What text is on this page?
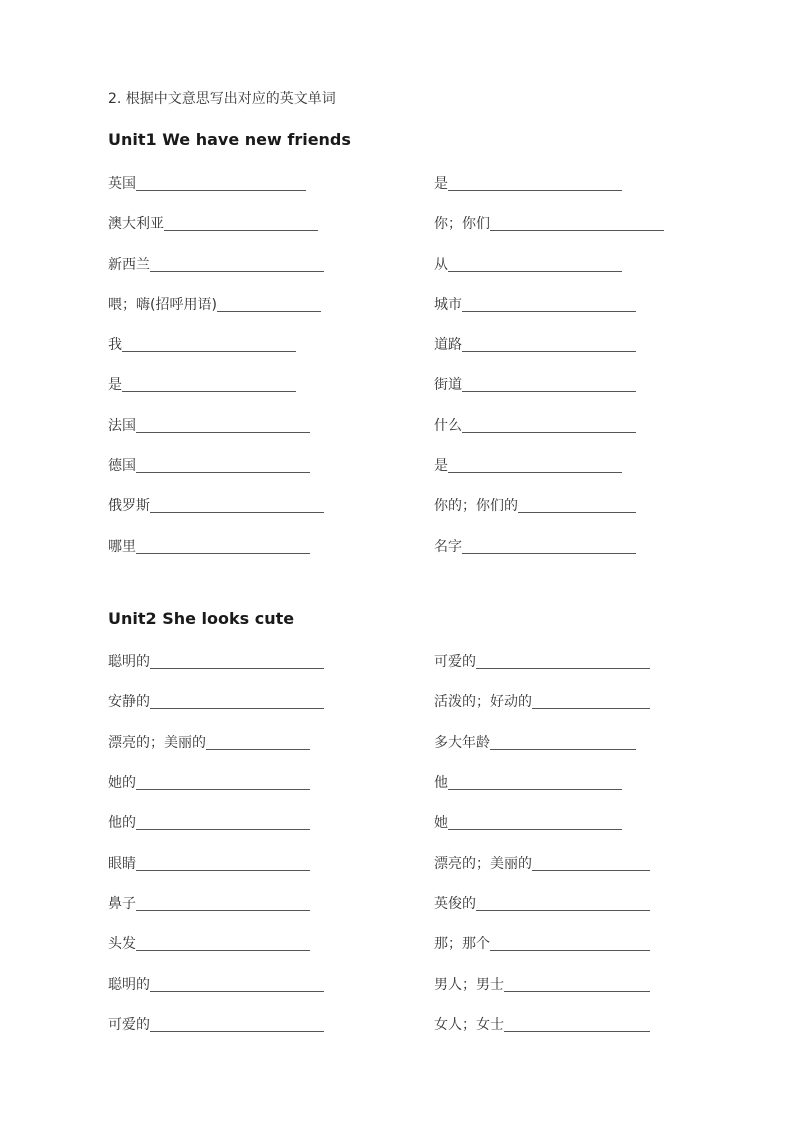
2. 根据中文意思写出对应的英文单词
Unit1 We have new friends
英国	是
澳大利亚	你；你们
新西兰	从
喂；嗨(招呼用语)	城市
我	道路
是	街道
法国	什么
德国	是
俄罗斯	你的；你们的
哪里	名字
Unit2 She looks cute
聪明的	可爱的
安静的	活泼的；好动的
漂亮的；美丽的	多大年龄
她的	他
他的	她
眼睛	漂亮的；美丽的
鼻子	英俊的
头发	那；那个
聪明的	男人；男士
可爱的	女人；女士
